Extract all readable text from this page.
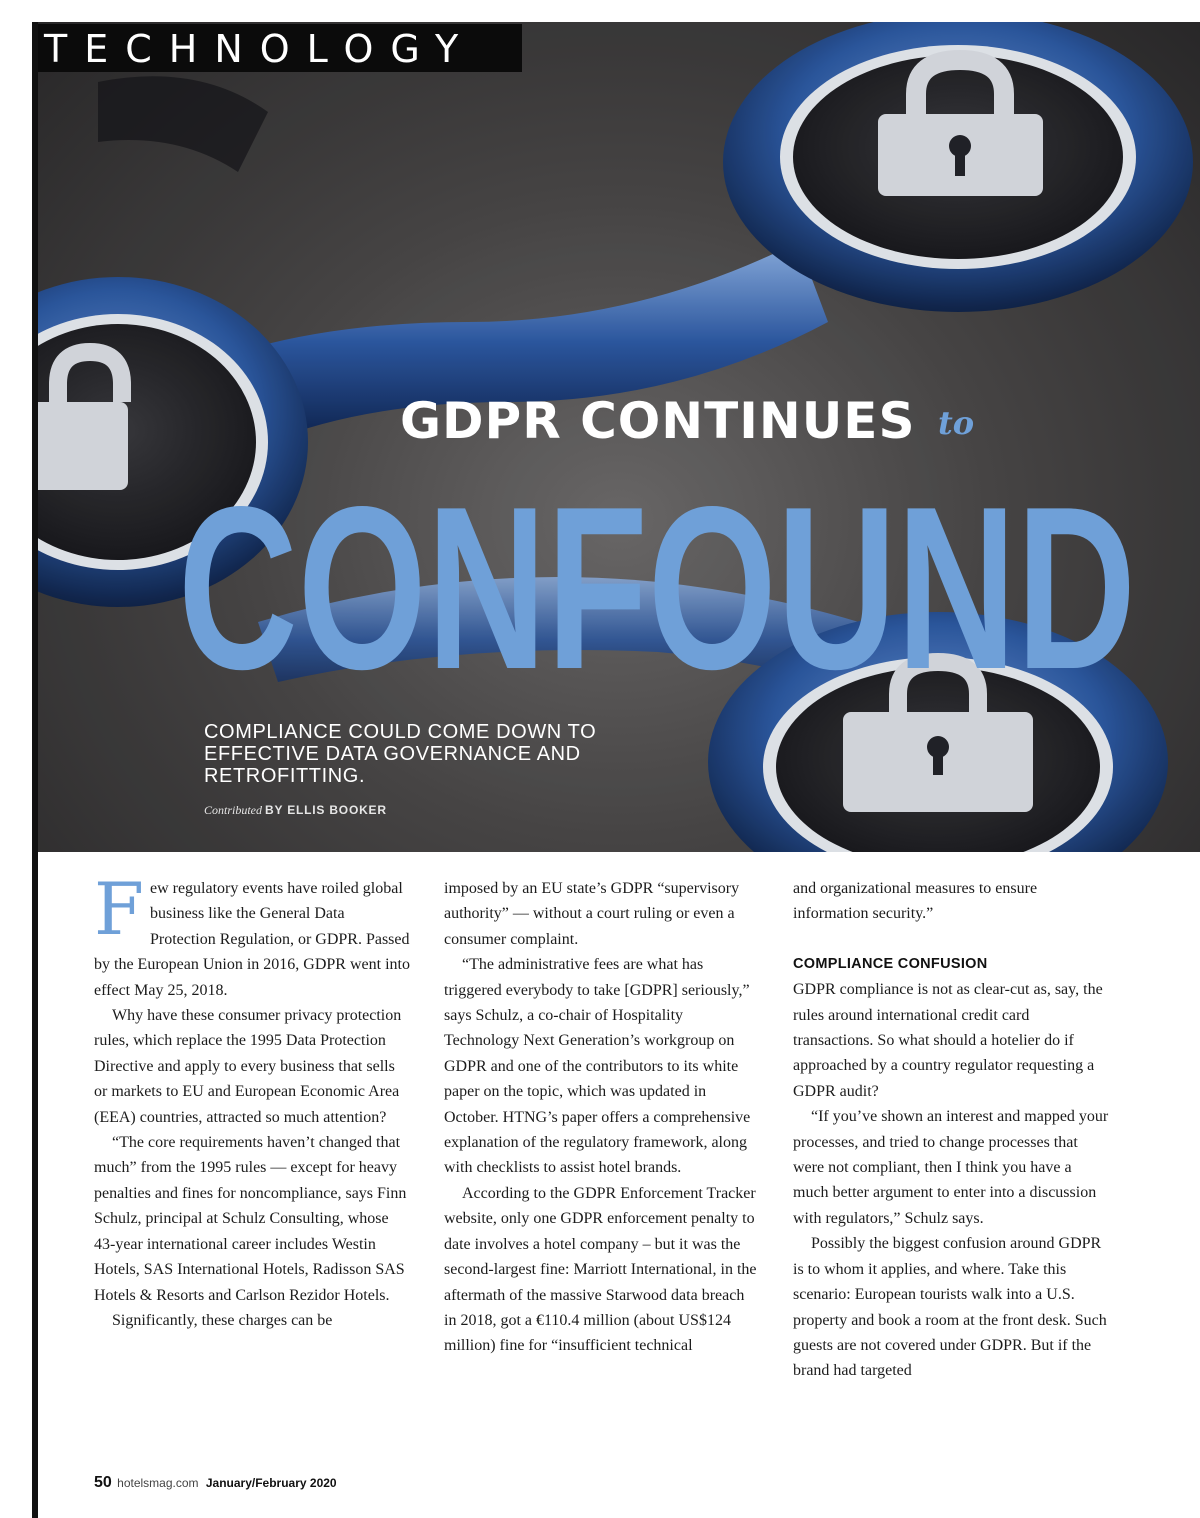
TECHNOLOGY
GDPR CONTINUES to
CONFOUND
COMPLIANCE COULD COME DOWN TO EFFECTIVE DATA GOVERNANCE AND RETROFITTING.
Contributed BY ELLIS BOOKER

Few regulatory events have roiled global business like the General Data Protection Regulation, or GDPR. Passed by the European Union in 2016, GDPR went into effect May 25, 2018.

Why have these consumer privacy protection rules, which replace the 1995 Data Protection Directive and apply to every business that sells or markets to EU and European Economic Area (EEA) countries, attracted so much attention?

“The core requirements haven’t changed that much” from the 1995 rules — except for heavy penalties and fines for noncompliance, says Finn Schulz, principal at Schulz Consulting, whose 43-year international career includes Westin Hotels, SAS International Hotels, Radisson SAS Hotels & Resorts and Carlson Rezidor Hotels.

Significantly, these charges can be

imposed by an EU state’s GDPR “supervisory authority” — without a court ruling or even a consumer complaint.

“The administrative fees are what has triggered everybody to take [GDPR] seriously,” says Schulz, a co-chair of Hospitality Technology Next Generation’s workgroup on GDPR and one of the contributors to its white paper on the topic, which was updated in October. HTNG’s paper offers a comprehensive explanation of the regulatory framework, along with checklists to assist hotel brands.

According to the GDPR Enforcement Tracker website, only one GDPR enforcement penalty to date involves a hotel company – but it was the second-largest fine: Marriott International, in the aftermath of the massive Starwood data breach in 2018, got a €110.4 million (about US$124 million) fine for “insufficient technical

and organizational measures to ensure information security.”

COMPLIANCE CONFUSION

GDPR compliance is not as clear-cut as, say, the rules around international credit card transactions. So what should a hotelier do if approached by a country regulator requesting a GDPR audit?

“If you’ve shown an interest and mapped your processes, and tried to change processes that were not compliant, then I think you have a much better argument to enter into a discussion with regulators,” Schulz says.

Possibly the biggest confusion around GDPR is to whom it applies, and where. Take this scenario: European tourists walk into a U.S. property and book a room at the front desk. Such guests are not covered under GDPR. But if the brand had targeted

50 hotelsmag.com January/February 2020
